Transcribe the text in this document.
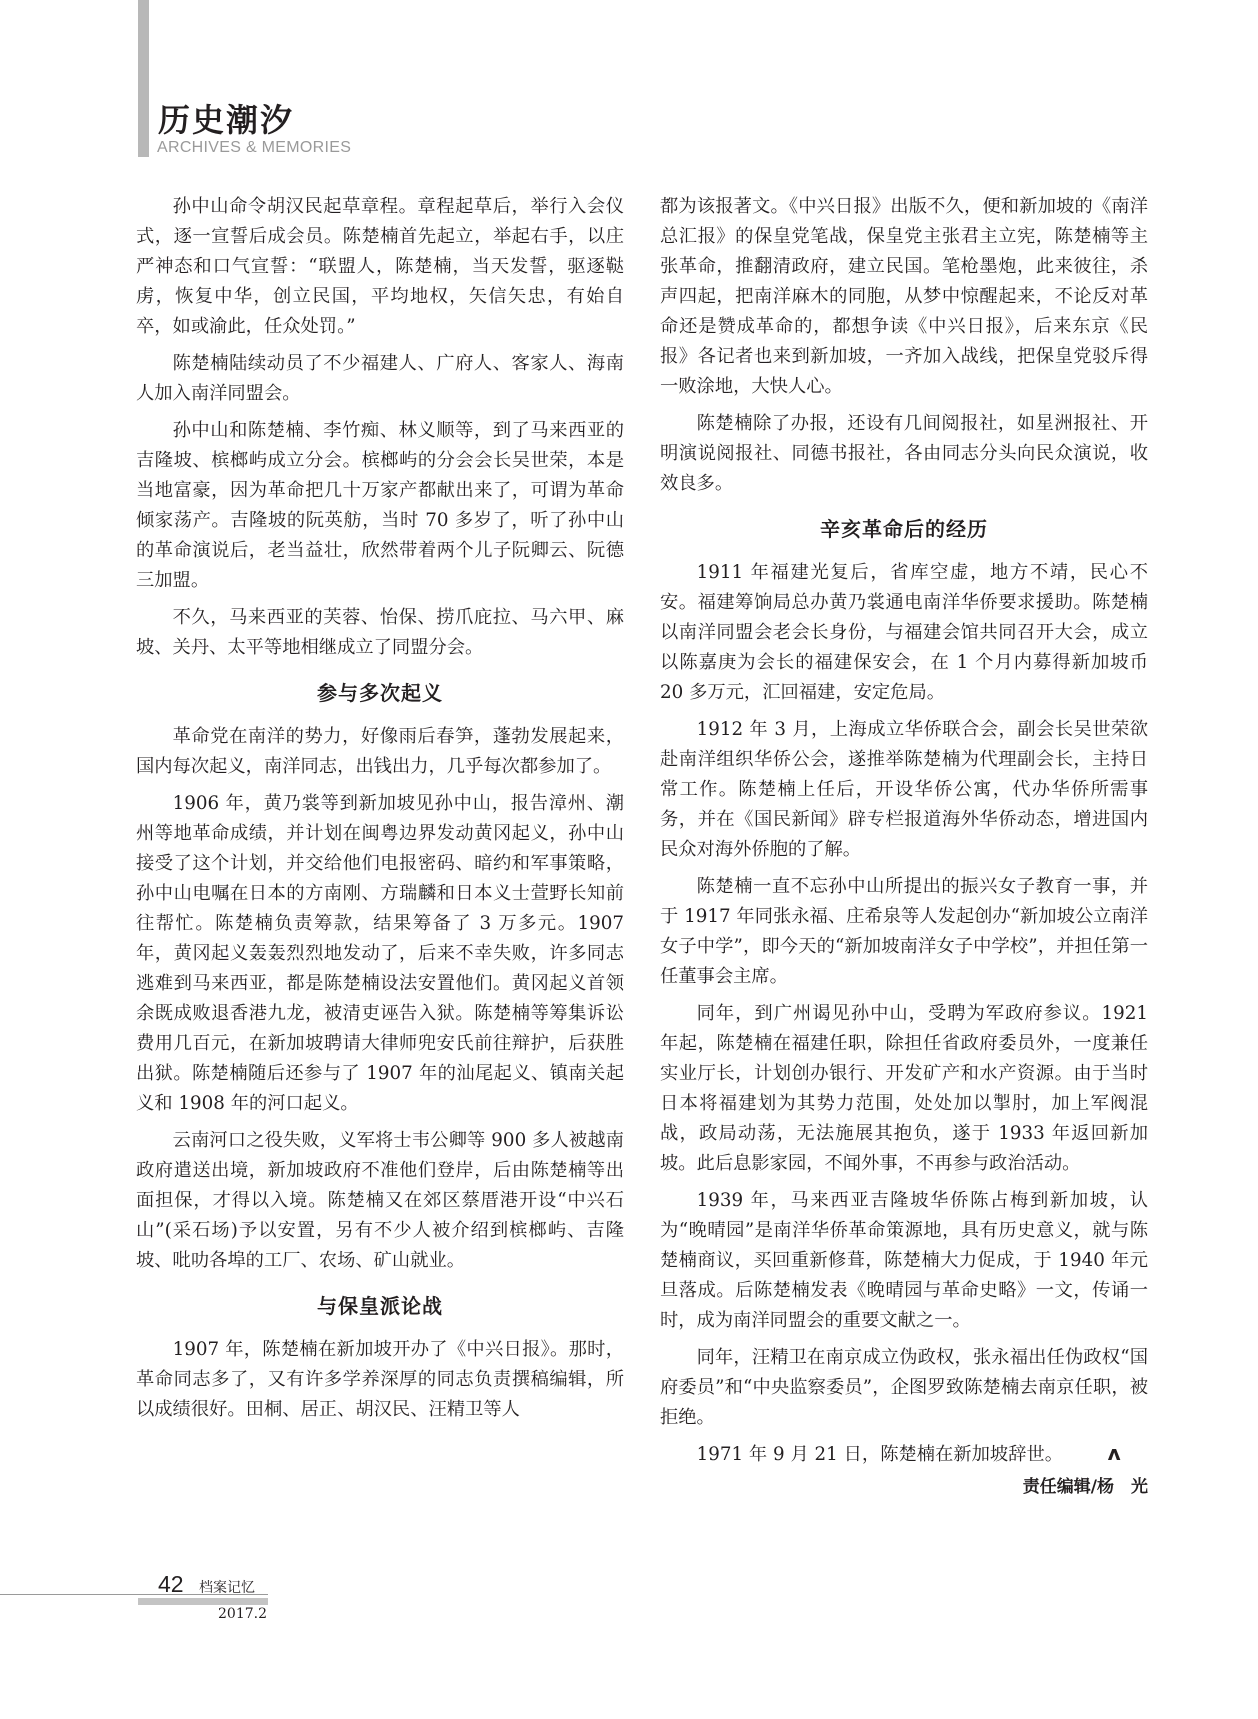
历史潮汐
ARCHIVES & MEMORIES

孙中山命令胡汉民起草章程。章程起草后，举行入会仪式，逐一宣誓后成会员。陈楚楠首先起立，举起右手，以庄严神态和口气宣誓：“联盟人，陈楚楠，当天发誓，驱逐鞑虏，恢复中华，创立民国，平均地权，矢信矢忠，有始自卒，如或渝此，任众处罚。”

陈楚楠陆续动员了不少福建人、广府人、客家人、海南人加入南洋同盟会。

孙中山和陈楚楠、李竹痴、林义顺等，到了马来西亚的吉隆坡、槟榔屿成立分会。槟榔屿的分会会长吴世荣，本是当地富豪，因为革命把几十万家产都献出来了，可谓为革命倾家荡产。吉隆坡的阮英舫，当时 70 多岁了，听了孙中山的革命演说后，老当益壮，欣然带着两个儿子阮卿云、阮德三加盟。

不久，马来西亚的芙蓉、怡保、捞爪庇拉、马六甲、麻坡、关丹、太平等地相继成立了同盟分会。

参与多次起义

革命党在南洋的势力，好像雨后春笋，蓬勃发展起来，国内每次起义，南洋同志，出钱出力，几乎每次都参加了。

1906 年，黄乃裳等到新加坡见孙中山，报告漳州、潮州等地革命成绩，并计划在闽粤边界发动黄冈起义，孙中山接受了这个计划，并交给他们电报密码、暗约和军事策略，孙中山电嘱在日本的方南刚、方瑞麟和日本义士萱野长知前往帮忙。陈楚楠负责筹款，结果筹备了 3 万多元。1907 年，黄冈起义轰轰烈烈地发动了，后来不幸失败，许多同志逃难到马来西亚，都是陈楚楠设法安置他们。黄冈起义首领余既成败退香港九龙，被清吏诬告入狱。陈楚楠等筹集诉讼费用几百元，在新加坡聘请大律师兜安氏前往辩护，后获胜出狱。陈楚楠随后还参与了 1907 年的汕尾起义、镇南关起义和 1908 年的河口起义。

云南河口之役失败，义军将士韦公卿等 900 多人被越南政府遣送出境，新加坡政府不准他们登岸，后由陈楚楠等出面担保，才得以入境。陈楚楠又在郊区蔡厝港开设“中兴石山”(采石场)予以安置，另有不少人被介绍到槟榔屿、吉隆坡、吡叻各埠的工厂、农场、矿山就业。

与保皇派论战

1907 年，陈楚楠在新加坡开办了《中兴日报》。那时，革命同志多了，又有许多学养深厚的同志负责撰稿编辑，所以成绩很好。田桐、居正、胡汉民、汪精卫等人

都为该报著文。《中兴日报》出版不久，便和新加坡的《南洋总汇报》的保皇党笔战，保皇党主张君主立宪，陈楚楠等主张革命，推翻清政府，建立民国。笔枪墨炮，此来彼往，杀声四起，把南洋麻木的同胞，从梦中惊醒起来，不论反对革命还是赞成革命的，都想争读《中兴日报》，后来东京《民报》各记者也来到新加坡，一齐加入战线，把保皇党驳斥得一败涂地，大快人心。

陈楚楠除了办报，还设有几间阅报社，如星洲报社、开明演说阅报社、同德书报社，各由同志分头向民众演说，收效良多。

辛亥革命后的经历

1911 年福建光复后，省库空虚，地方不靖，民心不安。福建筹饷局总办黄乃裳通电南洋华侨要求援助。陈楚楠以南洋同盟会老会长身份，与福建会馆共同召开大会，成立以陈嘉庚为会长的福建保安会，在 1 个月内募得新加坡币 20 多万元，汇回福建，安定危局。

1912 年 3 月，上海成立华侨联合会，副会长吴世荣欲赴南洋组织华侨公会，遂推举陈楚楠为代理副会长，主持日常工作。陈楚楠上任后，开设华侨公寓，代办华侨所需事务，并在《国民新闻》辟专栏报道海外华侨动态，增进国内民众对海外侨胞的了解。

陈楚楠一直不忘孙中山所提出的振兴女子教育一事，并于 1917 年同张永福、庄希泉等人发起创办“新加坡公立南洋女子中学”，即今天的“新加坡南洋女子中学校”，并担任第一任董事会主席。

同年，到广州谒见孙中山，受聘为军政府参议。1921 年起，陈楚楠在福建任职，除担任省政府委员外，一度兼任实业厅长，计划创办银行、开发矿产和水产资源。由于当时日本将福建划为其势力范围，处处加以掣肘，加上军阀混战，政局动荡，无法施展其抱负，遂于 1933 年返回新加坡。此后息影家园，不闻外事，不再参与政治活动。

1939 年，马来西亚吉隆坡华侨陈占梅到新加坡，认为“晚晴园”是南洋华侨革命策源地，具有历史意义，就与陈楚楠商议，买回重新修葺，陈楚楠大力促成，于 1940 年元旦落成。后陈楚楠发表《晚晴园与革命史略》一文，传诵一时，成为南洋同盟会的重要文献之一。

同年，汪精卫在南京成立伪政权，张永福出任伪政权“国府委员”和“中央监察委员”，企图罗致陈楚楠去南京任职，被拒绝。

1971 年 9 月 21 日，陈楚楠在新加坡辞世。 ʌ

责任编辑/杨　光
42 档案记忆
2017.2
